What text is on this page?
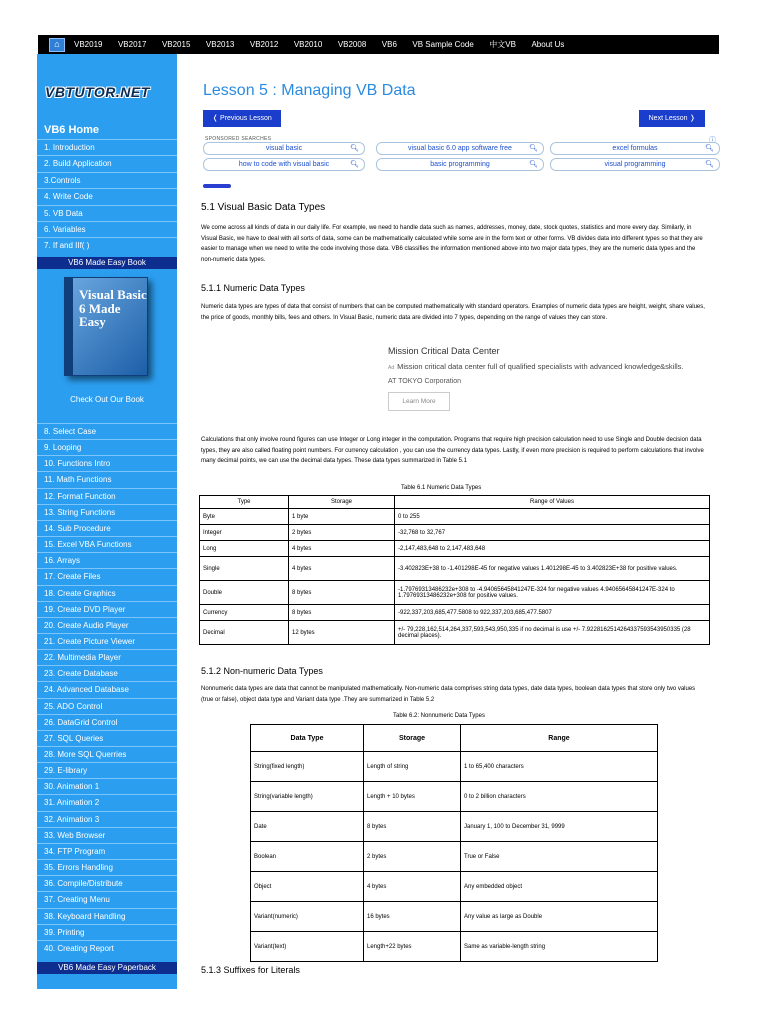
⌂	VB2019 VB2017 VB2015 VB2013 VB2012 VB2010 VB2008 VB6 VB Sample Code 中文VB About Us
VBTUTOR.NET
VB6 Home
VB6 Made Easy Book
Visual Basic 6 Made Easy
Check Out Our Book
VB6 Made Easy Paperback
1. Introduction
2. Build Application
3.Controls
4. Write Code
5. VB Data
6. Variables
7. If and IIf( )
8. Select Case
9. Looping
10. Functions Intro
11. Math Functions
12. Format Function
13. String Functions
14. Sub Procedure
15. Excel VBA Functions
16. Arrays
17. Create Files
18. Create Graphics
19. Create DVD Player
20. Create Audio Player
21. Create Picture Viewer
22. Multimedia Player
23. Create Database
24. Advanced Database
25. ADO Control
26. DataGrid Control
27. SQL Queries
28. More SQL Querries
29. E-library
30. Animation 1
31. Animation 2
32. Animation 3
33. Web Browser
34. FTP Program
35. Errors Handling
36. Compile/Distribute
37. Creating Menu
38. Keyboard Handling
39. Printing
40. Creating Report
Lesson 5 : Managing VB Data
❬ Previous Lesson	Next Lesson ❭
SPONSORED SEARCHES	ⓘ
visual basic	🔍︎	visual basic 6.0 app software free 🔍︎	excel formulas	🔍︎
how to code with visual basic	🔍︎	basic programming	🔍︎	visual programming	🔍︎
5.1 Visual Basic Data Types
We come across all kinds of data in our daily life. For example, we need to handle data such as names, addresses, money, date, stock quotes, statistics and more every day. Similarly, in Visual Basic, we have to deal with all sorts of data, some can be mathematically calculated while some are in the form text or other forms. VB divides data into different types so that they are easier to manage when we need to write the code involving those data. VB6 classifies the information mentioned above into two major data types, they are the numeric data types and the non-numeric data types.
5.1.1 Numeric Data Types
Numeric data types are types of data that consist of numbers that can be computed mathematically with standard operators. Examples of numeric data types are height, weight, share values, the price of goods, monthly bills, fees and others. In Visual Basic, numeric data are divided into 7 types, depending on the range of values they can store.
Mission Critical Data Center
Ad Mission critical data center full of qualified specialists with advanced knowledge&skills.
AT TOKYO Corporation
Learn More
Calculations that only involve round figures can use Integer or Long integer in the computation. Programs that require high precision calculation need to use Single and Double decision data types, they are also called floating point numbers. For currency calculation , you can use the currency data types. Lastly, if even more precision is required to perform calculations that involve many decimal points, we can use the decimal data types. These data types summarized in Table 5.1
Table 6.1 Numeric Data Types
Type	Storage	Range of Values
Byte	1 byte	0 to 255
Integer	2 bytes	-32,768 to 32,767
Long	4 bytes	-2,147,483,648 to 2,147,483,648
Single	4 bytes	-3.402823E+38 to -1.401298E-45 for negative values 1.401298E-45 to 3.402823E+38 for positive values.
Double	8 bytes	-1.79769313486232e+308 to -4.94065645841247E-324 for negative values 4.94065645841247E-324 to 1.79769313486232e+308 for positive values.
Currency	8 bytes	-922,337,203,685,477.5808 to 922,337,203,685,477.5807
Decimal	12 bytes	+/- 79,228,162,514,264,337,593,543,950,335 if no decimal is use +/- 7.9228162514264337593543950335 (28 decimal places).
5.1.2 Non-numeric Data Types
Nonnumeric data types are data that cannot be manipulated mathematically. Non-numeric data comprises string data types, date data types, boolean data types that store only two values (true or false), object data type and Variant data type .They are summarized in Table 5.2
Table 6.2: Nonnumeric Data Types
Data Type	Storage	Range
String(fixed length)	Length of string	1 to 65,400 characters
String(variable length)	Length + 10 bytes	0 to 2 billion characters
Date	8 bytes	January 1, 100 to December 31, 9999
Boolean	2 bytes	True or False
Object	4 bytes	Any embedded object
Variant(numeric)	16 bytes	Any value as large as Double
Variant(text)	Length+22 bytes	Same as variable-length string
5.1.3 Suffixes for Literals
